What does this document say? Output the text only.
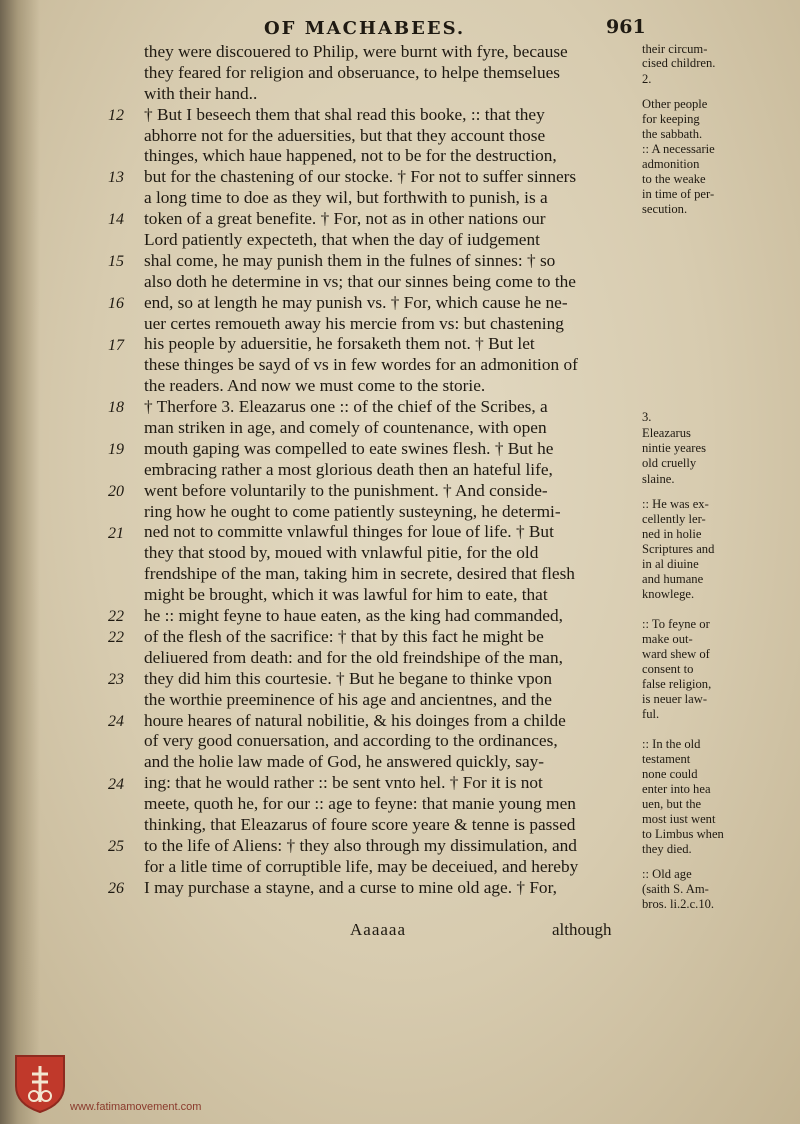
OF MACHABEES.	961
12
13
14
15
16
17
18
19
20
21
22
22
23
24
24
25
26
they were discouered to Philip, were burnt with fyre, because
they feared for religion and obseruance, to helpe themselues
with their hand..
† But I beseech them that shal read this booke, :: that they
abhorre not for the aduersities, but that they account those
thinges, which haue happened, not to be for the destruction,
but for the chastening of our stocke. † For not to suffer sinners
a long time to doe as they wil, but forthwith to punish, is a
token of a great benefite. † For, not as in other nations our
Lord patiently expecteth, that when the day of iudgement
shal come, he may punish them in the fulnes of sinnes: † so
also doth he determine in vs; that our sinnes being come to the
end, so at length he may punish vs. † For, which cause he ne-
uer certes remoueth away his mercie from vs: but chastening
his people by aduersitie, he forsaketh them not. † But let
these thinges be sayd of vs in few wordes for an admonition of
the readers. And now we must come to the storie.
† Therfore 3. Eleazarus one :: of the chief of the Scribes, a
man striken in age, and comely of countenance, with open
mouth gaping was compelled to eate swines flesh. † But he
embracing rather a most glorious death then an hateful life,
went before voluntarily to the punishment. † And conside-
ring how he ought to come patiently susteyning, he determi-
ned not to committe vnlawful thinges for loue of life. † But
they that stood by, moued with vnlawful pitie, for the old
frendshipe of the man, taking him in secrete, desired that flesh
might be brought, which it was lawful for him to eate, that
he :: might feyne to haue eaten, as the king had commanded,
of the flesh of the sacrifice: † that by this fact he might be
deliuered from death: and for the old freindshipe of the man,
they did him this courtesie. † But he begane to thinke vpon
the worthie preeminence of his age and ancientnes, and the
houre heares of natural nobilitie, & his doinges from a childe
of very good conuersation, and according to the ordinances,
and the holie law made of God, he answered quickly, say-
ing: that he would rather :: be sent vnto hel. † For it is not
meete, quoth he, for our :: age to feyne: that manie young men
thinking, that Eleazarus of foure score yeare & tenne is passed
to the life of Aliens: † they also through my dissimulation, and
for a litle time of corruptible life, may be deceiued, and hereby
I may purchase a stayne, and a curse to mine old age. † For,
their circum-
cised children.
2.
Other people
for keeping
the sabbath.
:: A necessarie
admonition
to the weake
in time of per-
secution.
3.
Eleazarus
nintie yeares
old cruelly
slaine.
:: He was ex-
cellently ler-
ned in holie
Scriptures and
in al diuine
and humane
knowlege.
:: To feyne or
make out-
ward shew of
consent to
false religion,
is neuer law-
ful.
:: In the old
testament
none could
enter into hea
uen, but the
most iust went
to Limbus when
they died.
:: Old age
(saith S. Am-
bros. li.2.c.10.
Aaaaaa	although
www.fatimamovement.com
